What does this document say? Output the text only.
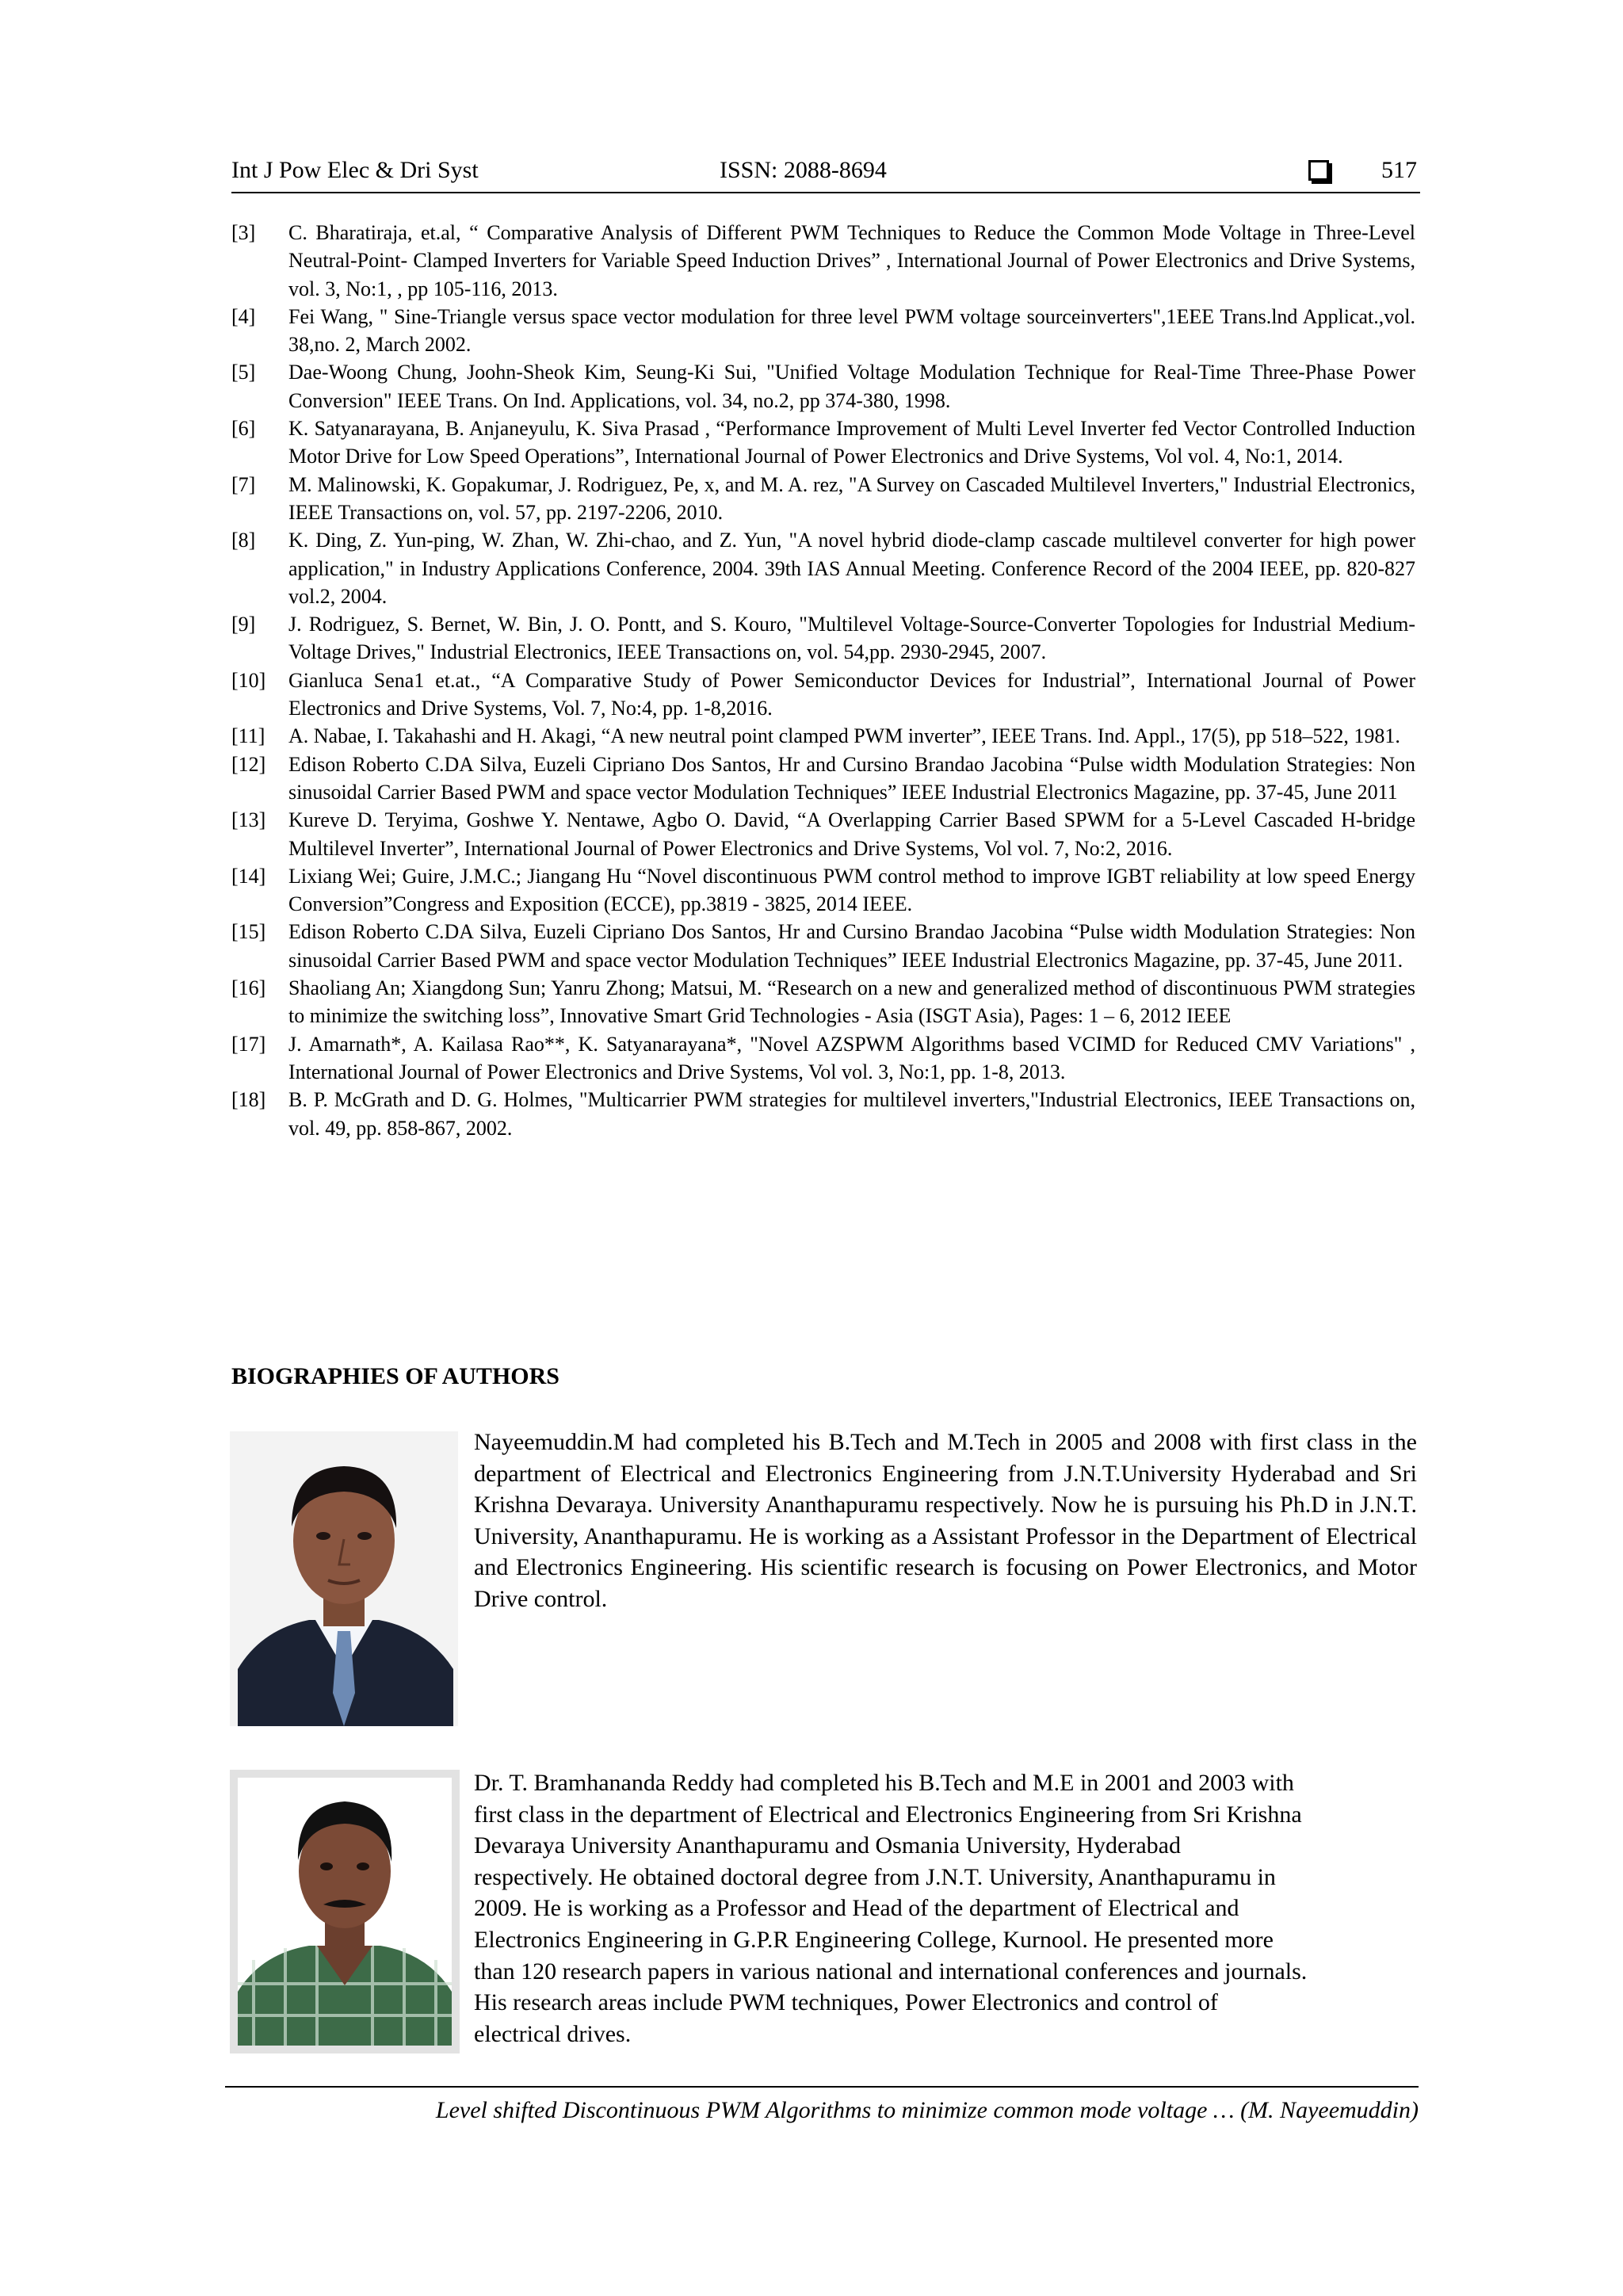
Int J Pow Elec & Dri Syst	ISSN: 2088-8694	517
[3] C. Bharatiraja, et.al, “ Comparative Analysis of Different PWM Techniques to Reduce the Common Mode Voltage in Three-Level Neutral-Point- Clamped Inverters for Variable Speed Induction Drives” , International Journal of Power Electronics and Drive Systems, vol. 3, No:1, , pp 105-116, 2013.
[4] Fei Wang, " Sine-Triangle versus space vector modulation for three level PWM voltage sourceinverters",1EEE Trans.lnd Applicat.,vol. 38,no. 2, March 2002.
[5] Dae-Woong Chung, Joohn-Sheok Kim, Seung-Ki Sui, "Unified Voltage Modulation Technique for Real-Time Three-Phase Power Conversion" IEEE Trans. On Ind. Applications, vol. 34, no.2, pp 374-380, 1998.
[6] K. Satyanarayana, B. Anjaneyulu, K. Siva Prasad , “Performance Improvement of Multi Level Inverter fed Vector Controlled Induction Motor Drive for Low Speed Operations”, International Journal of Power Electronics and Drive Systems, Vol vol. 4, No:1, 2014.
[7] M. Malinowski, K. Gopakumar, J. Rodriguez, Pe, x, and M. A. rez, "A Survey on Cascaded Multilevel Inverters," Industrial Electronics, IEEE Transactions on, vol. 57, pp. 2197-2206, 2010.
[8] K. Ding, Z. Yun-ping, W. Zhan, W. Zhi-chao, and Z. Yun, "A novel hybrid diode-clamp cascade multilevel converter for high power application," in Industry Applications Conference, 2004. 39th IAS Annual Meeting. Conference Record of the 2004 IEEE, pp. 820-827 vol.2, 2004.
[9] J. Rodriguez, S. Bernet, W. Bin, J. O. Pontt, and S. Kouro, "Multilevel Voltage-Source-Converter Topologies for Industrial Medium-Voltage Drives," Industrial Electronics, IEEE Transactions on, vol. 54,pp. 2930-2945, 2007.
[10] Gianluca Sena1 et.at., “A Comparative Study of Power Semiconductor Devices for Industrial”, International Journal of Power Electronics and Drive Systems, Vol. 7, No:4, pp. 1-8,2016.
[11] A. Nabae, I. Takahashi and H. Akagi, “A new neutral point clamped PWM inverter”, IEEE Trans. Ind. Appl., 17(5), pp 518–522, 1981.
[12] Edison Roberto C.DA Silva, Euzeli Cipriano Dos Santos, Hr and Cursino Brandao Jacobina “Pulse width Modulation Strategies: Non sinusoidal Carrier Based PWM and space vector Modulation Techniques” IEEE Industrial Electronics Magazine, pp. 37-45, June 2011
[13] Kureve D. Teryima, Goshwe Y. Nentawe, Agbo O. David, “A Overlapping Carrier Based SPWM for a 5-Level Cascaded H-bridge Multilevel Inverter”, International Journal of Power Electronics and Drive Systems, Vol vol. 7, No:2, 2016.
[14] Lixiang Wei; Guire, J.M.C.; Jiangang Hu “Novel discontinuous PWM control method to improve IGBT reliability at low speed Energy Conversion”Congress and Exposition (ECCE), pp.3819 - 3825, 2014 IEEE.
[15] Edison Roberto C.DA Silva, Euzeli Cipriano Dos Santos, Hr and Cursino Brandao Jacobina “Pulse width Modulation Strategies: Non sinusoidal Carrier Based PWM and space vector Modulation Techniques” IEEE Industrial Electronics Magazine, pp. 37-45, June 2011.
[16] Shaoliang An; Xiangdong Sun; Yanru Zhong; Matsui, M. “Research on a new and generalized method of discontinuous PWM strategies to minimize the switching loss”, Innovative Smart Grid Technologies - Asia (ISGT Asia), Pages: 1 – 6, 2012 IEEE
[17] J. Amarnath*, A. Kailasa Rao**, K. Satyanarayana*, "Novel AZSPWM Algorithms based VCIMD for Reduced CMV Variations" , International Journal of Power Electronics and Drive Systems, Vol vol. 3, No:1, pp. 1-8, 2013.
[18] B. P. McGrath and D. G. Holmes, "Multicarrier PWM strategies for multilevel inverters,"Industrial Electronics, IEEE Transactions on, vol. 49, pp. 858-867, 2002.
BIOGRAPHIES OF AUTHORS
Nayeemuddin.M had completed his B.Tech and M.Tech in 2005 and 2008 with first class in the department of Electrical and Electronics Engineering from J.N.T.University Hyderabad and Sri Krishna Devaraya. University Ananthapuramu respectively. Now he is pursuing his Ph.D in J.N.T. University, Ananthapuramu. He is working as a Assistant Professor in the Department of Electrical and Electronics Engineering. His scientific research is focusing on Power Electronics, and Motor Drive control.
Dr. T. Bramhananda Reddy had completed his B.Tech and M.E in 2001 and 2003 with
first class in the department of Electrical and Electronics Engineering from Sri Krishna
Devaraya University Ananthapuramu and Osmania University, Hyderabad
respectively. He obtained doctoral degree from J.N.T. University, Ananthapuramu in
2009. He is working as a Professor and Head of the department of Electrical and
Electronics Engineering in G.P.R Engineering College, Kurnool. He presented more
than 120 research papers in various national and international conferences and journals.
His research areas include PWM techniques, Power Electronics and control of
electrical drives.
Level shifted Discontinuous PWM Algorithms to minimize common mode voltage … (M. Nayeemuddin)
